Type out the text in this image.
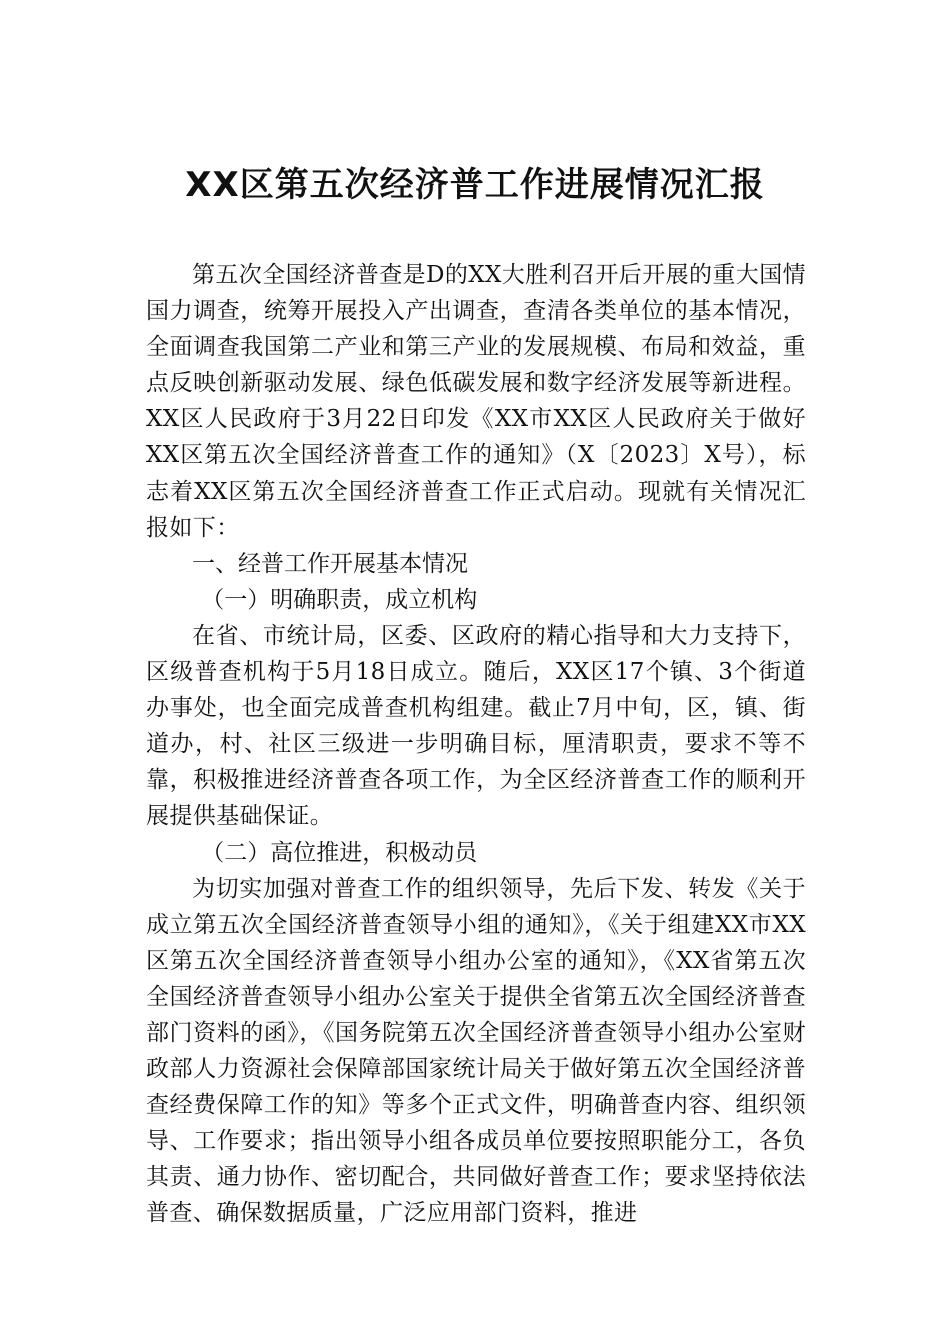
XX区第五次经济普工作进展情况汇报

第五次全国经济普查是D的XX大胜利召开后开展的重大国情国力调查，统筹开展投入产出调查，查清各类单位的基本情况，全面调查我国第二产业和第三产业的发展规模、布局和效益，重点反映创新驱动发展、绿色低碳发展和数字经济发展等新进程。XX区人民政府于3月22日印发《XX市XX区人民政府关于做好XX区第五次全国经济普查工作的通知》（X〔2023〕X号），标志着XX区第五次全国经济普查工作正式启动。现就有关情况汇报如下：

一、经普工作开展基本情况

（一）明确职责，成立机构

在省、市统计局，区委、区政府的精心指导和大力支持下，区级普查机构于5月18日成立。随后，XX区17个镇、3个街道办事处，也全面完成普查机构组建。截止7月中旬，区，镇、街道办，村、社区三级进一步明确目标，厘清职责，要求不等不靠，积极推进经济普查各项工作，为全区经济普查工作的顺利开展提供基础保证。

（二）高位推进，积极动员

为切实加强对普查工作的组织领导，先后下发、转发《关于成立第五次全国经济普查领导小组的通知》，《关于组建XX市XX区第五次全国经济普查领导小组办公室的通知》，《XX省第五次全国经济普查领导小组办公室关于提供全省第五次全国经济普查部门资料的函》，《国务院第五次全国经济普查领导小组办公室财政部人力资源社会保障部国家统计局关于做好第五次全国经济普查经费保障工作的知》等多个正式文件，明确普查内容、组织领导、工作要求；指出领导小组各成员单位要按照职能分工，各负其责、通力协作、密切配合，共同做好普查工作；要求坚持依法普查、确保数据质量，广泛应用部门资料，推进
